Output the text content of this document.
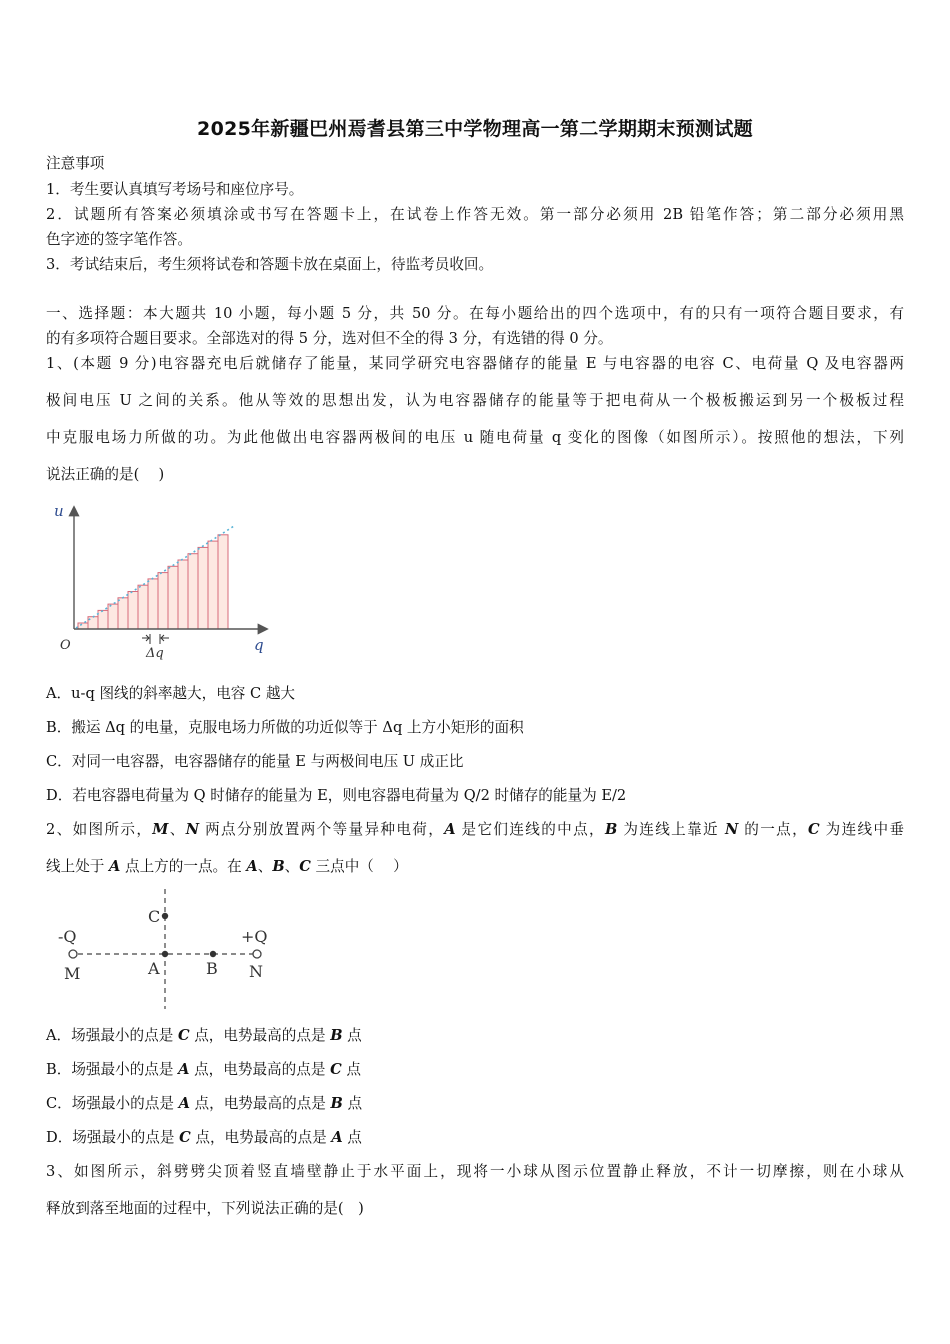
2025年新疆巴州焉耆县第三中学物理高一第二学期期末预测试题
注意事项
1．考生要认真填写考场号和座位序号。
2．试题所有答案必须填涂或书写在答题卡上，在试卷上作答无效。第一部分必须用 2B 铅笔作答；第二部分必须用黑
色字迹的签字笔作答。
3．考试结束后，考生须将试卷和答题卡放在桌面上，待监考员收回。
一、选择题：本大题共 10 小题，每小题 5 分，共 50 分。在每小题给出的四个选项中，有的只有一项符合题目要求，有
的有多项符合题目要求。全部选对的得 5 分，选对但不全的得 3 分，有选错的得 0 分。
1、(本题 9 分)电容器充电后就储存了能量，某同学研究电容器储存的能量 E 与电容器的电容 C、电荷量 Q 及电容器两
极间电压 U 之间的关系。他从等效的思想出发，认为电容器储存的能量等于把电荷从一个极板搬运到另一个极板过程
中克服电场力所做的功。为此他做出电容器两极间的电压 u 随电荷量 q 变化的图像（如图所示）。按照他的想法，下列
说法正确的是(　 )
u
q
O
Δq
A．u-q 图线的斜率越大，电容 C 越大
B．搬运 Δq 的电量，克服电场力所做的功近似等于 Δq 上方小矩形的面积
C．对同一电容器，电容器储存的能量 E 与两极间电压 U 成正比
D．若电容器电荷量为 Q 时储存的能量为 E，则电容器电荷量为 Q/2 时储存的能量为 E/2
2、如图所示，M、N 两点分别放置两个等量异种电荷，A 是它们连线的中点，B 为连线上靠近 N 的一点，C 为连线中垂
线上处于 A 点上方的一点。在 A、B、C 三点中（　 ）
-Q	+Q
M	N
A	B
C
A．场强最小的点是 C 点，电势最高的点是 B 点
B．场强最小的点是 A 点，电势最高的点是 C 点
C．场强最小的点是 A 点，电势最高的点是 B 点
D．场强最小的点是 C 点，电势最高的点是 A 点
3、如图所示，斜劈劈尖顶着竖直墙壁静止于水平面上，现将一小球从图示位置静止释放，不计一切摩擦，则在小球从
释放到落至地面的过程中，下列说法正确的是(　)
